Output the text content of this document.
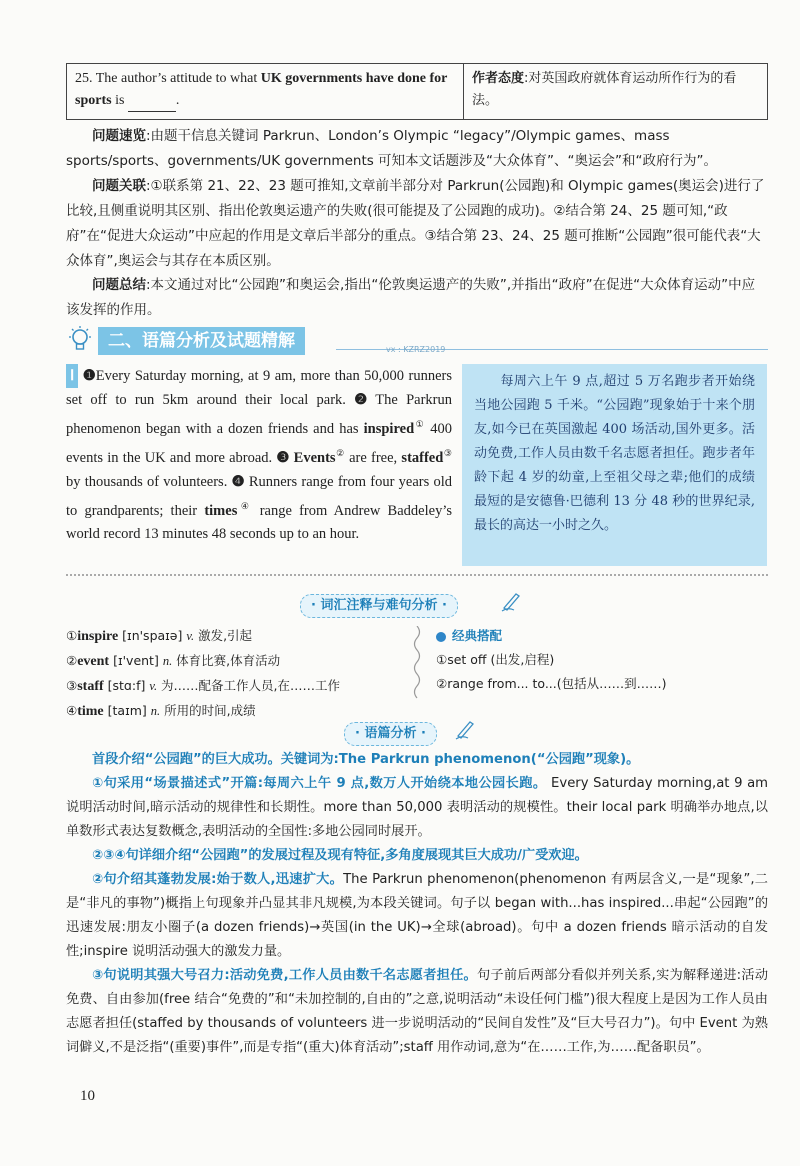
25. The author’s attitude to what UK governments have done for sports is	.
作者态度:对英国政府就体育运动所作行为的看法。
问题速览:由题干信息关键词 Parkrun、London’s Olympic “legacy”/Olympic games、mass sports/sports、governments/UK governments 可知本文话题涉及“大众体育”、“奥运会”和“政府行为”。
问题关联:①联系第 21、22、23 题可推知,文章前半部分对 Parkrun(公园跑)和 Olympic games(奥运会)进行了比较,且侧重说明其区别、指出伦敦奥运遗产的失败(很可能提及了公园跑的成功)。②结合第 24、25 题可知,“政府”在“促进大众运动”中应起的作用是文章后半部分的重点。③结合第 23、24、25 题可推断“公园跑”很可能代表“大众体育”,奥运会与其存在本质区别。
问题总结:本文通过对比“公园跑”和奥运会,指出“伦敦奥运遗产的失败”,并指出“政府”在促进“大众体育运动”中应该发挥的作用。
二、语篇分析及试题精解	vx : KZRZ2019
Ⅰ ❶Every Saturday morning, at 9 am, more than 50,000 runners set off to run 5km around their local park. ❷ The Parkrun phenomenon began with a dozen friends and has inspired① 400 events in the UK and more abroad. ❸ Events② are free, staffed③ by thousands of volunteers. ❹ Runners range from four years old to grandparents; their times④ range from Andrew Baddeley’s world record 13 minutes 48 seconds up to an hour.
每周六上午 9 点,超过 5 万名跑步者开始绕当地公园跑 5 千米。“公园跑”现象始于十来个朋友,如今已在英国激起 400 场活动,国外更多。活动免费,工作人员由数千名志愿者担任。跑步者年龄下起 4 岁的幼童,上至祖父母之辈;他们的成绩最短的是安德鲁·巴德利 13 分 48 秒的世界纪录,最长的高达一小时之久。
· 词汇注释与难句分析 ·
①inspire [ɪn'spaɪə] v. 激发,引起
②event [ɪ'vent] n. 体育比赛,体育活动
③staff [stɑ:f] v. 为……配备工作人员,在……工作
④time [taɪm] n. 所用的时间,成绩
经典搭配
①set off (出发,启程)
②range from... to...(包括从……到……)
· 语篇分析 ·

首段介绍“公园跑”的巨大成功。关键词为:The Parkrun phenomenon(“公园跑”现象)。

①句采用“场景描述式”开篇:每周六上午 9 点,数万人开始绕本地公园长跑。 Every Saturday morning,at 9 am 说明活动时间,暗示活动的规律性和长期性。more than 50,000 表明活动的规模性。their local park 明确举办地点,以单数形式表达复数概念,表明活动的全国性:多地公园同时展开。

②③④句详细介绍“公园跑”的发展过程及现有特征,多角度展现其巨大成功/广受欢迎。

②句介绍其蓬勃发展:始于数人,迅速扩大。The Parkrun phenomenon(phenomenon 有两层含义,一是“现象”,二是“非凡的事物”)概指上句现象并凸显其非凡规模,为本段关键词。句子以 began with...has inspired...串起“公园跑”的迅速发展:朋友小圈子(a dozen friends)→英国(in the UK)→全球(abroad)。句中 a dozen friends 暗示活动的自发性;inspire 说明活动强大的激发力量。

③句说明其强大号召力:活动免费,工作人员由数千名志愿者担任。句子前后两部分看似并列关系,实为解释递进:活动免费、自由参加(free 结合“免费的”和“未加控制的,自由的”之意,说明活动“未设任何门槛”)很大程度上是因为工作人员由志愿者担任(staffed by thousands of volunteers 进一步说明活动的“民间自发性”及“巨大号召力”)。句中 Event 为熟词僻义,不是泛指“(重要)事件”,而是专指“(重大)体育活动”;staff 用作动词,意为“在……工作,为……配备职员”。

10
